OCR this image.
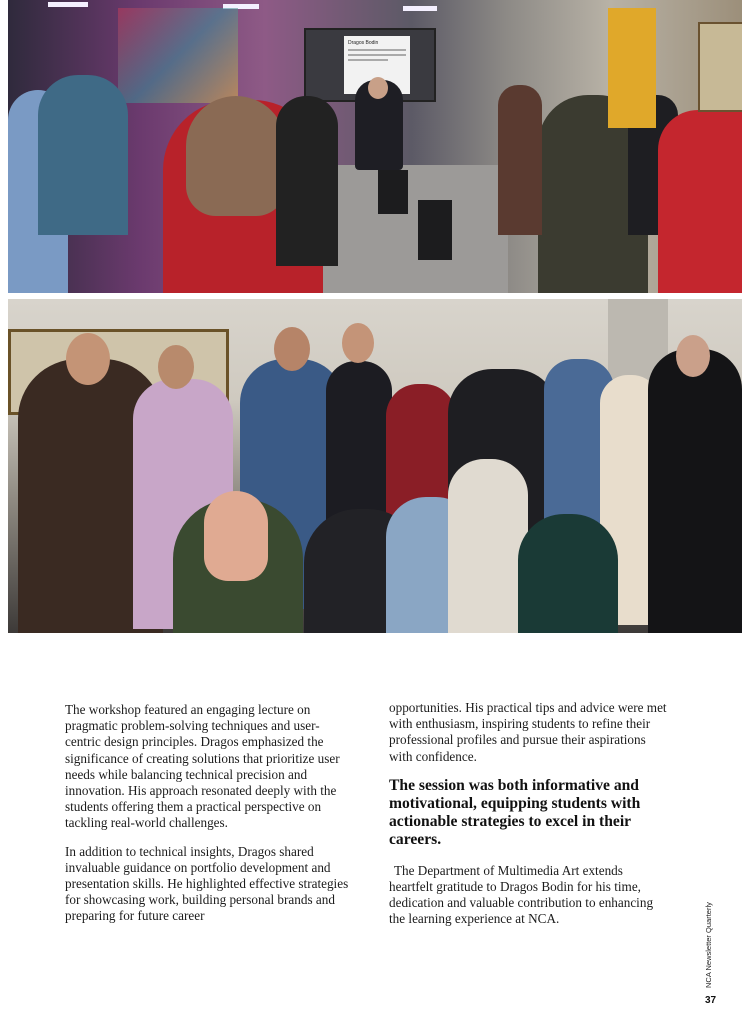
Dragos Bodin

The workshop featured an engaging lecture on pragmatic problem-solving techniques and user-centric design principles. Dragos emphasized the significance of creating solutions that prioritize user needs while balancing technical precision and innovation. His approach resonated deeply with the students offering them a practical perspective on tackling real-world challenges.

In addition to technical insights, Dragos shared invaluable guidance on portfolio development and presentation skills. He highlighted effective strategies for showcasing work, building personal brands and preparing for future career

opportunities. His practical tips and advice were met with enthusiasm, inspiring students to refine their professional profiles and pursue their aspirations with confidence.

The session was both informative and motivational, equipping students with actionable strategies to excel in their careers.

The Department of Multimedia Art extends heartfelt gratitude to Dragos Bodin for his time, dedication and valuable contribution to enhancing the learning experience at NCA.	NCA Newsletter Quarterly
37
